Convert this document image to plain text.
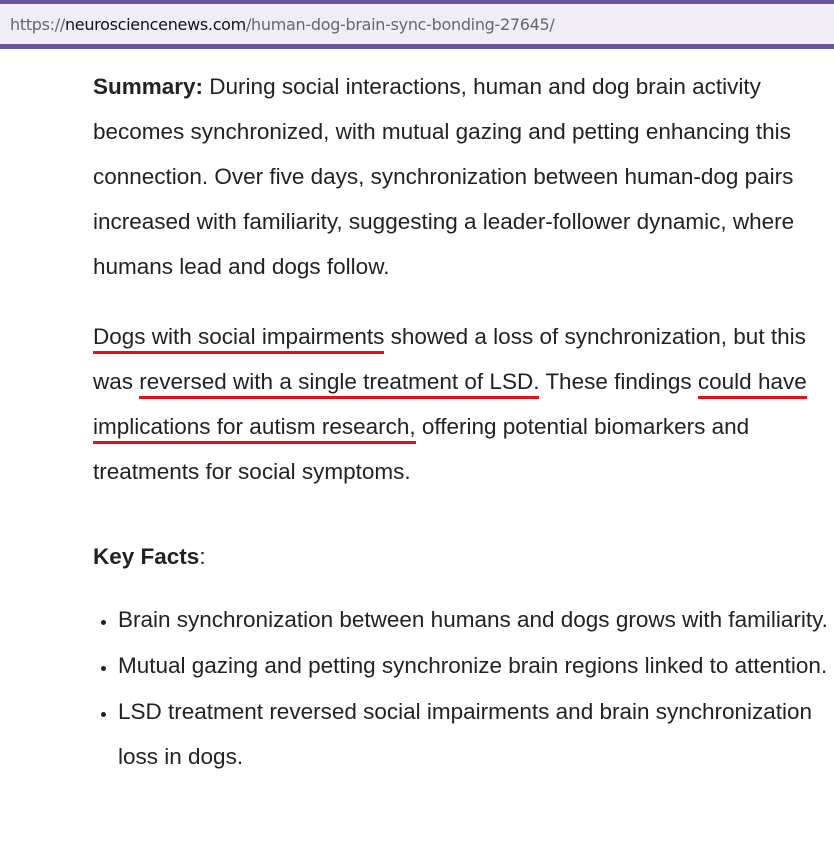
https:// neurosciencenews.com /human-dog-brain-sync-bonding-27645/

Summary: During social interactions, human and dog brain activity becomes synchronized, with mutual gazing and petting enhancing this connection. Over five days, synchronization between human-dog pairs increased with familiarity, suggesting a leader-follower dynamic, where humans lead and dogs follow.

Dogs with social impairments showed a loss of synchronization, but this was reversed with a single treatment of LSD. These findings could have implications for autism research, offering potential biomarkers and treatments for social symptoms.

Key Facts:

• Brain synchronization between humans and dogs grows with familiarity.
• Mutual gazing and petting synchronize brain regions linked to attention.
• LSD treatment reversed social impairments and brain synchronization loss in dogs.
